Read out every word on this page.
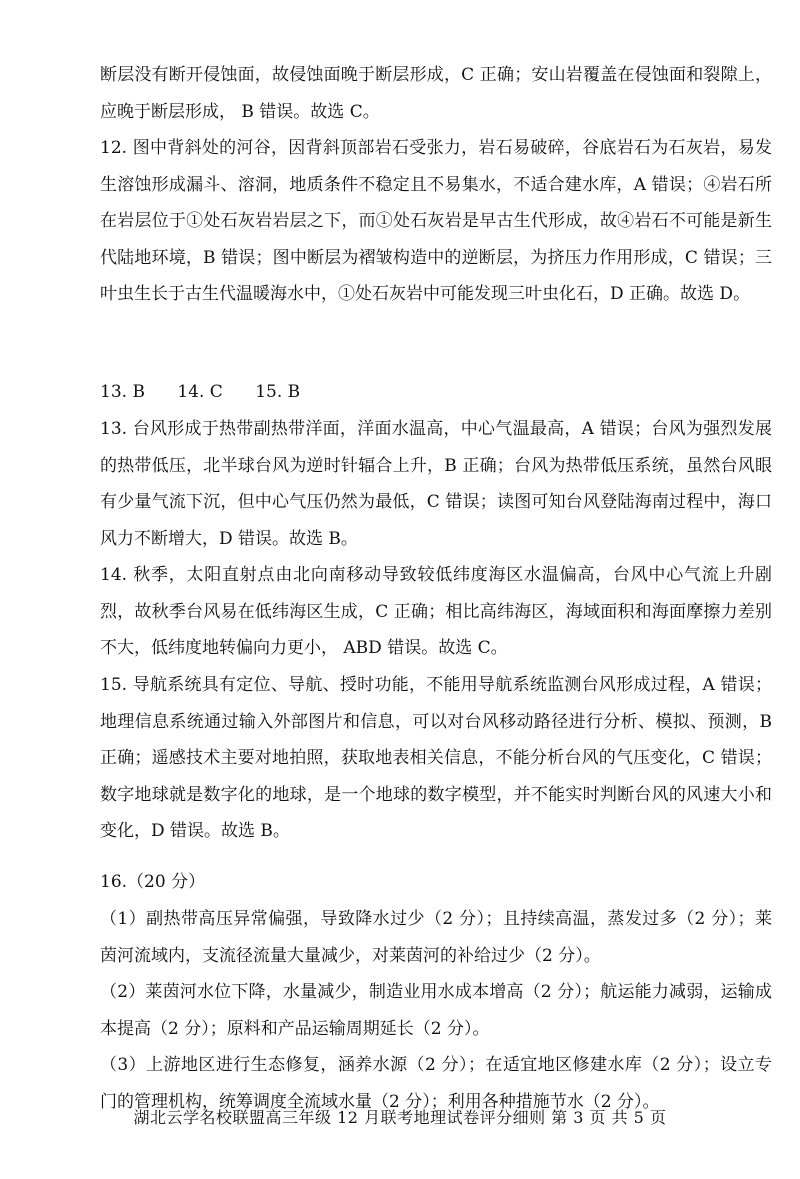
断层没有断开侵蚀面，故侵蚀面晚于断层形成，C 正确；安山岩覆盖在侵蚀面和裂隙上，应晚于断层形成， B 错误。故选 C。

12. 图中背斜处的河谷，因背斜顶部岩石受张力，岩石易破碎，谷底岩石为石灰岩，易发生溶蚀形成漏斗、溶洞，地质条件不稳定且不易集水，不适合建水库，A 错误；④岩石所在岩层位于①处石灰岩岩层之下，而①处石灰岩是早古生代形成，故④岩石不可能是新生代陆地环境，B 错误；图中断层为褶皱构造中的逆断层，为挤压力作用形成，C 错误；三叶虫生长于古生代温暖海水中，①处石灰岩中可能发现三叶虫化石，D 正确。故选 D。

13. B      14. C      15. B

13. 台风形成于热带副热带洋面，洋面水温高，中心气温最高，A 错误；台风为强烈发展的热带低压，北半球台风为逆时针辐合上升，B 正确；台风为热带低压系统，虽然台风眼有少量气流下沉，但中心气压仍然为最低，C 错误；读图可知台风登陆海南过程中，海口风力不断增大，D 错误。故选 B。

14. 秋季，太阳直射点由北向南移动导致较低纬度海区水温偏高，台风中心气流上升剧烈，故秋季台风易在低纬海区生成，C 正确；相比高纬海区，海域面积和海面摩擦力差别不大，低纬度地转偏向力更小， ABD 错误。故选 C。

15. 导航系统具有定位、导航、授时功能，不能用导航系统监测台风形成过程，A 错误；地理信息系统通过输入外部图片和信息，可以对台风移动路径进行分析、模拟、预测，B 正确；遥感技术主要对地拍照，获取地表相关信息，不能分析台风的气压变化，C 错误；数字地球就是数字化的地球，是一个地球的数字模型，并不能实时判断台风的风速大小和变化，D 错误。故选 B。

16.（20 分）

（1）副热带高压异常偏强，导致降水过少（2 分）；且持续高温，蒸发过多（2 分）；莱茵河流域内，支流径流量大量减少，对莱茵河的补给过少（2 分）。

（2）莱茵河水位下降，水量减少，制造业用水成本增高（2 分）；航运能力减弱，运输成本提高（2 分）；原料和产品运输周期延长（2 分）。

（3）上游地区进行生态修复，涵养水源（2 分）；在适宜地区修建水库（2 分）；设立专门的管理机构，统筹调度全流域水量（2 分）；利用各种措施节水（2 分）。

湖北云学名校联盟高三年级 12 月联考地理试卷评分细则 第 3 页 共 5 页
